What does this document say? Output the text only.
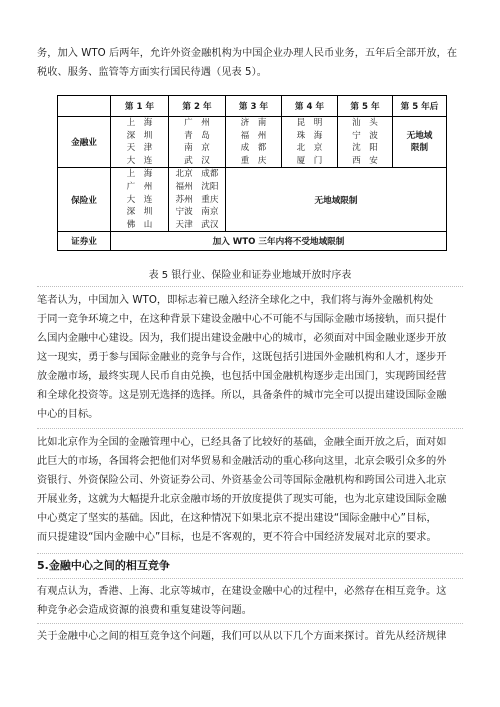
务，加入 WTO 后两年，允许外资金融机构为中国企业办理人民币业务，五年后全部开放，在
税收、服务、监管等方面实行国民待遇（见表 5）。

	第 1 年	第 2 年	第 3 年	第 4 年	第 5 年	第 5 年后
金融业	上　海
深　圳
天　津
大　连	广　州
青　岛
南　京
武　汉	济　南
福　州
成　都
重　庆	昆　明
珠　海
北　京
厦　门	汕　头
宁　波
沈　阳
西　安	无地域
限制

保险业	上　海
广　州
大　连
深　圳
佛　山	北京　成都
福州　沈阳
苏州　重庆
宁波　南京
天津　武汉	无地域限制			
证券业	加入 WTO 三年内将不受地域限制					
表 5 银行业、保险业和证券业地域开放时序表

笔者认为，中国加入 WTO，即标志着已融入经济全球化之中，我们将与海外金融机构处
于同一竞争环境之中，在这种背景下建设金融中心不可能不与国际金融市场接轨，而只提什
么国内金融中心建设。因为，我们提出建设金融中心的城市，必须面对中国金融业逐步开放
这一现实，勇于参与国际金融业的竞争与合作，这既包括引进国外金融机构和人才，逐步开
放金融市场，最终实现人民币自由兑换，也包括中国金融机构逐步走出国门，实现跨国经营
和全球化投资等。这是别无选择的选择。所以，具备条件的城市完全可以提出建设国际金融
中心的目标。

比如北京作为全国的金融管理中心，已经具备了比较好的基础，金融全面开放之后，面对如
此巨大的市场，各国将会把他们对华贸易和金融活动的重心移向这里，北京会吸引众多的外
资银行、外资保险公司、外资证券公司、外资基金公司等国际金融机构和跨国公司进入北京
开展业务，这就为大幅提升北京金融市场的开放度提供了现实可能，也为北京建设国际金融
中心奠定了坚实的基础。因此，在这种情况下如果北京不提出建设“国际金融中心”目标，
而只提建设“国内金融中心”目标，也是不客观的，更不符合中国经济发展对北京的要求。

5.金融中心之间的相互竞争

有观点认为，香港、上海、北京等城市，在建设金融中心的过程中，必然存在相互竞争。这
种竞争必会造成资源的浪费和重复建设等问题。

关于金融中心之间的相互竞争这个问题，我们可以从以下几个方面来探讨。首先从经济规律
